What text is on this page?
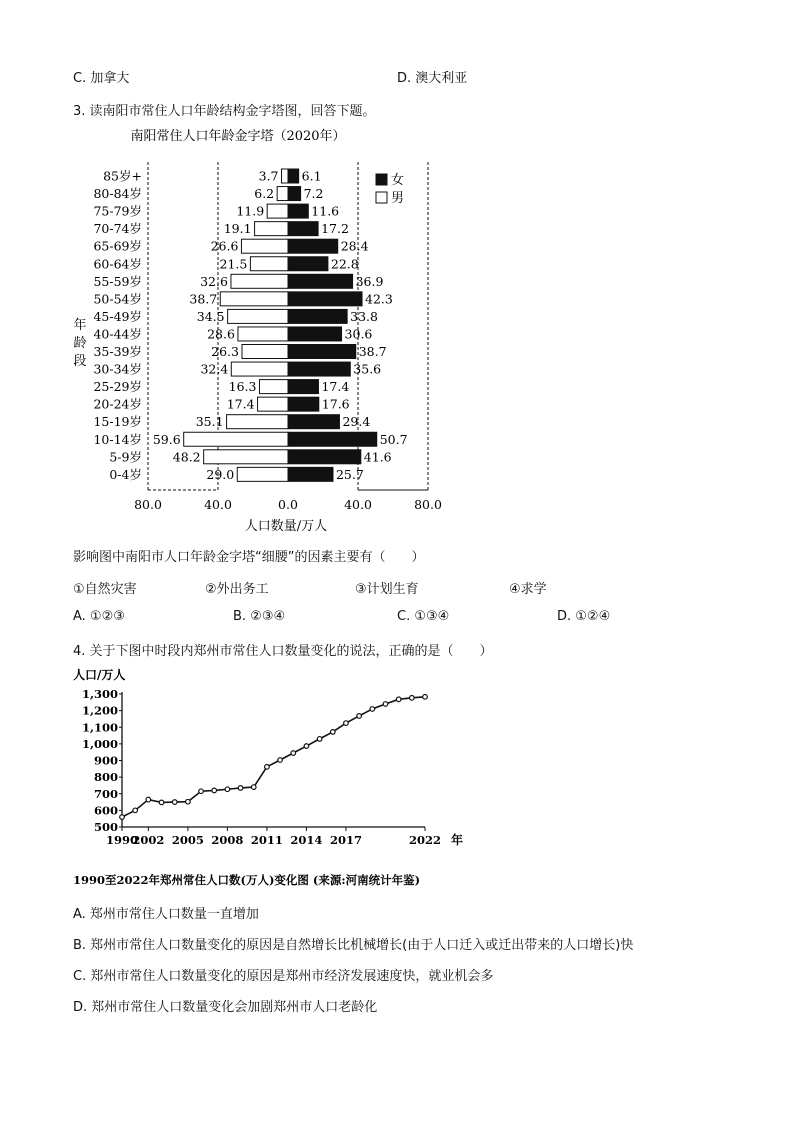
C. 加拿大	D. 澳大利亚
3. 读南阳市常住人口年龄结构金字塔图，回答下题。
南阳常住人口年龄金字塔（2020年）
85岁+	3.7 6.1
80-84岁	6.2 7.2
75-79岁	11.9	11.6
70-74岁	19.1	17.2
65-69岁	26.6	28.4
60-64岁	21.5	22.8
55-59岁	32.6	36.9
50-54岁	38.7	42.3
45-49岁	34.5	33.8
40-44岁	28.6	30.6
35-39岁	26.3	38.7
30-34岁	32.4	35.6
25-29岁	16.3	17.4
20-24岁	17.4	17.6
15-19岁	35.1	29.4
10-14岁 59.6	50.7
5-9岁 48.2	41.6
0-4岁	29.0	25.7
年
龄
段
女
男
80.0	40.0	0.0	40.0	80.0
人口数量/万人
影响图中南阳市人口年龄金字塔“细腰”的因素主要有（　　）
①自然灾害	②外出务工	③计划生育	④求学
A. ①②③	B. ②③④	C. ①③④	D. ①②④
4. 关于下图中时段内郑州市常住人口数量变化的说法，正确的是（　　）
人口/万人
500
600
700
800
900
1,000
1,100
1,200
1,300
1990
2002 2005 2008 2011 2014 2017	2022 年
1990至2022年郑州常住人口数(万人)变化图 (来源:河南统计年鉴)
A. 郑州市常住人口数量一直增加
B. 郑州市常住人口数量变化的原因是自然增长比机械增长(由于人口迁入或迁出带来的人口增长)快
C. 郑州市常住人口数量变化的原因是郑州市经济发展速度快，就业机会多
D. 郑州市常住人口数量变化会加剧郑州市人口老龄化
